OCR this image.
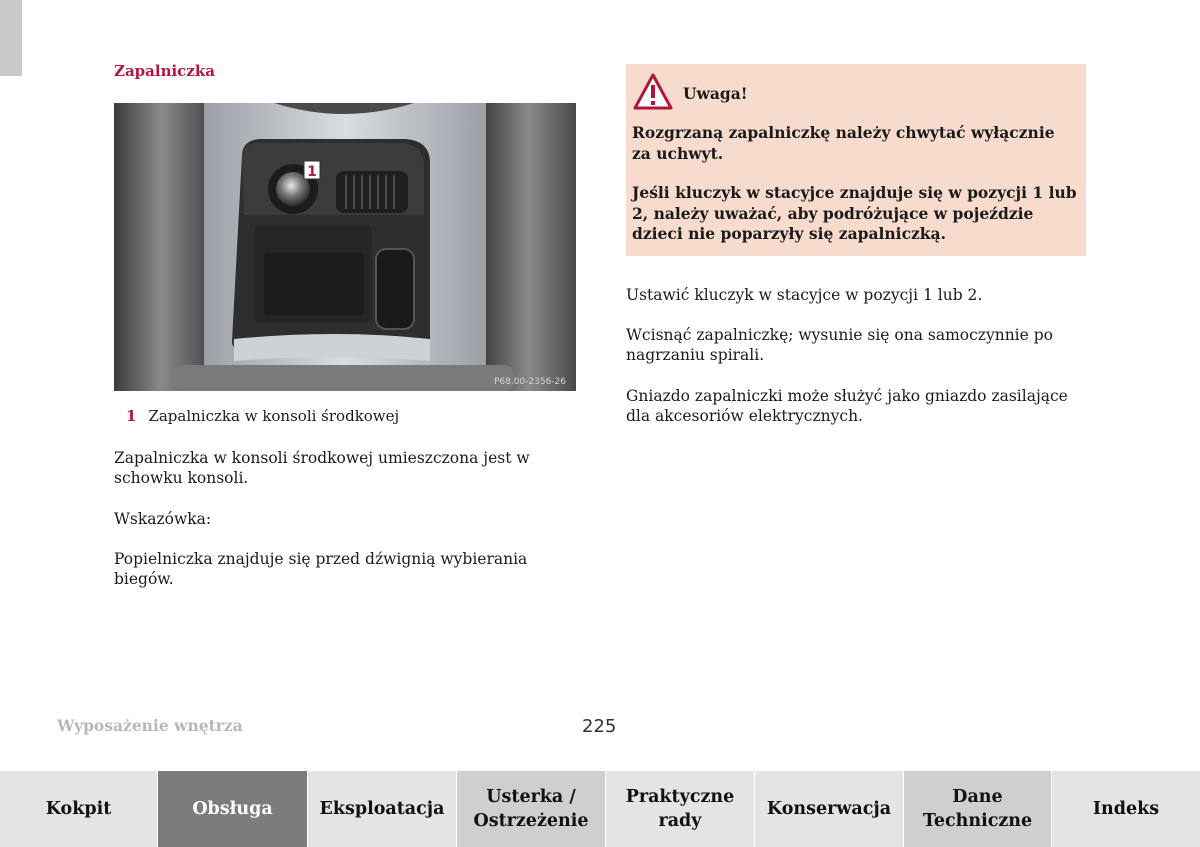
Zapalniczka
1
P68.00-2356-26
1 Zapalniczka w konsoli środkowej

Zapalniczka w konsoli środkowej umieszczona jest w schowku konsoli.

Wskazówka:

Popielniczka znajduje się przed dźwignią wybierania biegów.

Uwaga!

Rozgrzaną zapalniczkę należy chwytać wyłącznie za uchwyt.

Jeśli kluczyk w stacyjce znajduje się w pozycji 1 lub 2, należy uważać, aby podróżujące w pojeździe dzieci nie poparzyły się zapalniczką.

Ustawić kluczyk w stacyjce w pozycji 1 lub 2.

Wcisnąć zapalniczkę; wysunie się ona samoczynnie po nagrzaniu spirali.

Gniazdo zapalniczki może służyć jako gniazdo zasilające dla akcesoriów elektrycznych.

Wyposażenie wnętrza	225
Kokpit	Obsługa	Eksploatacja
Usterka /
Ostrzeżenie
Praktyczne
rady
Konserwacja
Dane
Techniczne
Indeks
